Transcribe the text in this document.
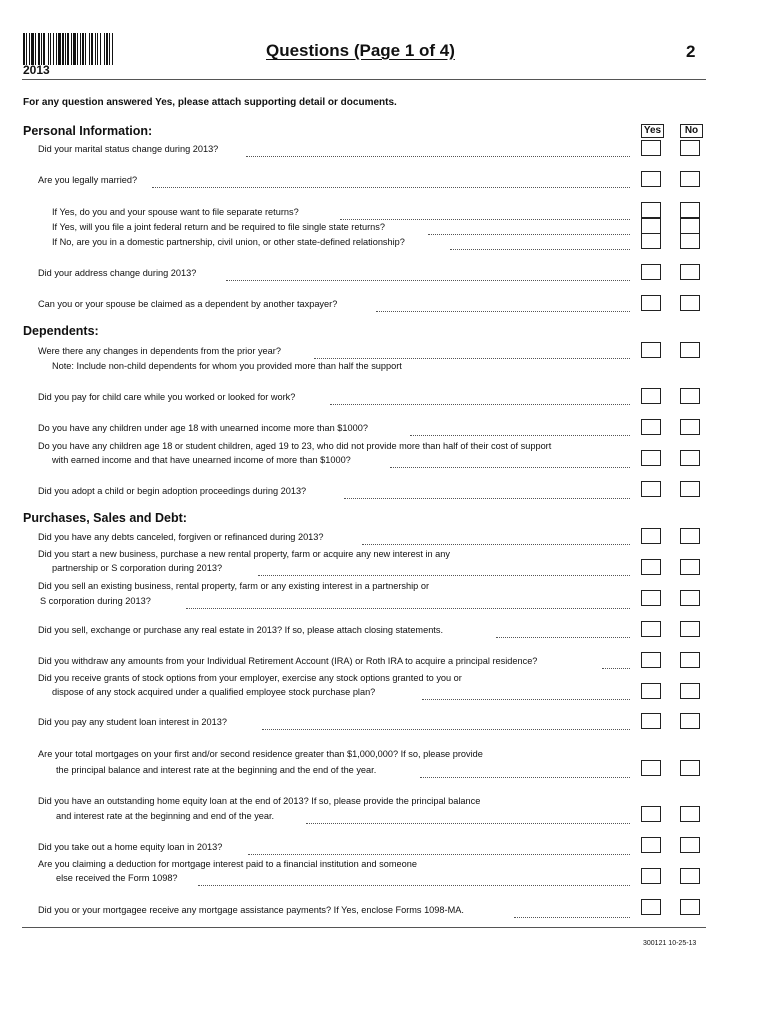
2013
Questions (Page 1 of 4)	2
For any question answered Yes, please attach supporting detail or documents.
Yes	No
Personal Information:
Did your marital status change during 2013?
Are you legally married?
If Yes, do you and your spouse want to file separate returns?
If Yes, will you file a joint federal return and be required to file single state returns?
If No, are you in a domestic partnership, civil union, or other state-defined relationship?
Did your address change during 2013?
Can you or your spouse be claimed as a dependent by another taxpayer?
Dependents:
Were there any changes in dependents from the prior year?
Note: Include non-child dependents for whom you provided more than half the support
Did you pay for child care while you worked or looked for work?
Do you have any children under age 18 with unearned income more than $1000?
Do you have any children age 18 or student children, aged 19 to 23, who did not provide more than half of their cost of support
with earned income and that have unearned income of more than $1000?
Did you adopt a child or begin adoption proceedings during 2013?
Purchases, Sales and Debt:
Did you have any debts canceled, forgiven or refinanced during 2013?
Did you start a new business, purchase a new rental property, farm or acquire any new interest in any
partnership or S corporation during 2013?
Did you sell an existing business, rental property, farm or any existing interest in a partnership or
S corporation during 2013?
Did you sell, exchange or purchase any real estate in 2013? If so, please attach closing statements.
Did you withdraw any amounts from your Individual Retirement Account (IRA) or Roth IRA to acquire a principal residence?
Did you receive grants of stock options from your employer, exercise any stock options granted to you or
dispose of any stock acquired under a qualified employee stock purchase plan?
Did you pay any student loan interest in 2013?
Are your total mortgages on your first and/or second residence greater than $1,000,000? If so, please provide
the principal balance and interest rate at the beginning and the end of the year.
Did you have an outstanding home equity loan at the end of 2013? If so, please provide the principal balance
and interest rate at the beginning and end of the year.
Did you take out a home equity loan in 2013?
Are you claiming a deduction for mortgage interest paid to a financial institution and someone
else received the Form 1098?
Did you or your mortgagee receive any mortgage assistance payments? If Yes, enclose Forms 1098-MA.
300121 10-25-13
